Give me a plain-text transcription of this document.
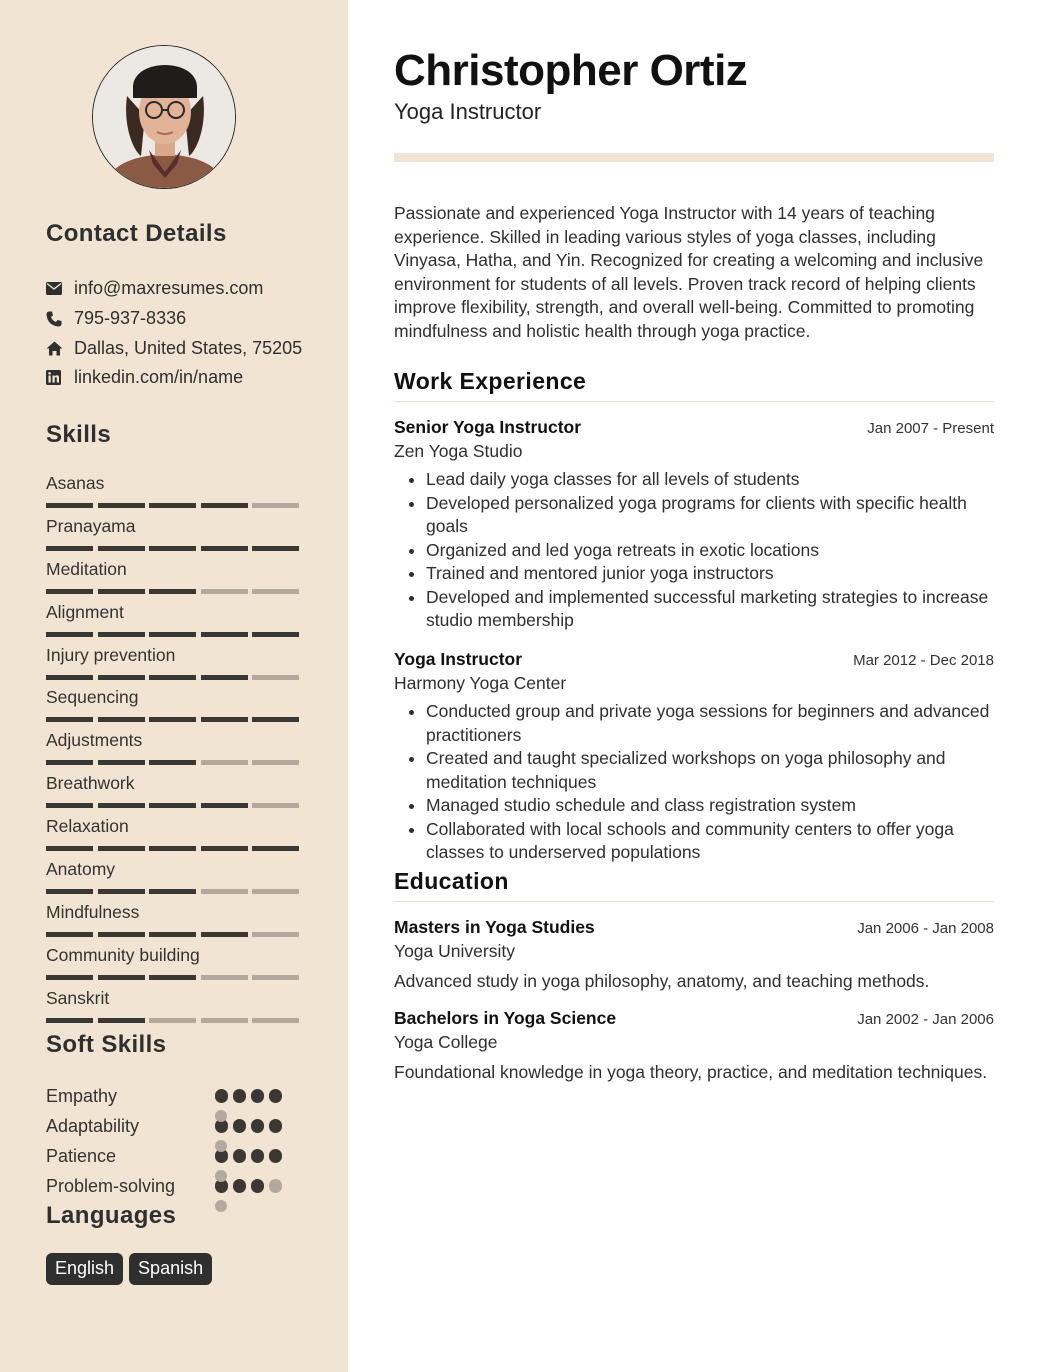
Contact Details
info@maxresumes.com
795-937-8336
Dallas, United States, 75205
linkedin.com/in/name
Skills
Asanas
Pranayama
Meditation
Alignment
Injury prevention
Sequencing
Adjustments
Breathwork
Relaxation
Anatomy
Mindfulness
Community building
Sanskrit
Soft Skills
Empathy
Adaptability
Patience
Problem-solving
Languages
English	Spanish
Christopher Ortiz
Yoga Instructor

Passionate and experienced Yoga Instructor with 14 years of teaching experience. Skilled in leading various styles of yoga classes, including Vinyasa, Hatha, and Yin. Recognized for creating a welcoming and inclusive environment for students of all levels. Proven track record of helping clients improve flexibility, strength, and overall well-being. Committed to promoting mindfulness and holistic health through yoga practice.

Work Experience
Senior Yoga Instructor	Jan 2007 - Present
Zen Yoga Studio
• Lead daily yoga classes for all levels of students
• Developed personalized yoga programs for clients with specific health goals
• Organized and led yoga retreats in exotic locations
• Trained and mentored junior yoga instructors
• Developed and implemented successful marketing strategies to increase studio membership
Yoga Instructor	Mar 2012 - Dec 2018
Harmony Yoga Center
• Conducted group and private yoga sessions for beginners and advanced practitioners
• Created and taught specialized workshops on yoga philosophy and meditation techniques
• Managed studio schedule and class registration system
• Collaborated with local schools and community centers to offer yoga classes to underserved populations
Education
Masters in Yoga Studies	Jan 2006 - Jan 2008
Yoga University

Advanced study in yoga philosophy, anatomy, and teaching methods.

Bachelors in Yoga Science	Jan 2002 - Jan 2006
Yoga College

Foundational knowledge in yoga theory, practice, and meditation techniques.
